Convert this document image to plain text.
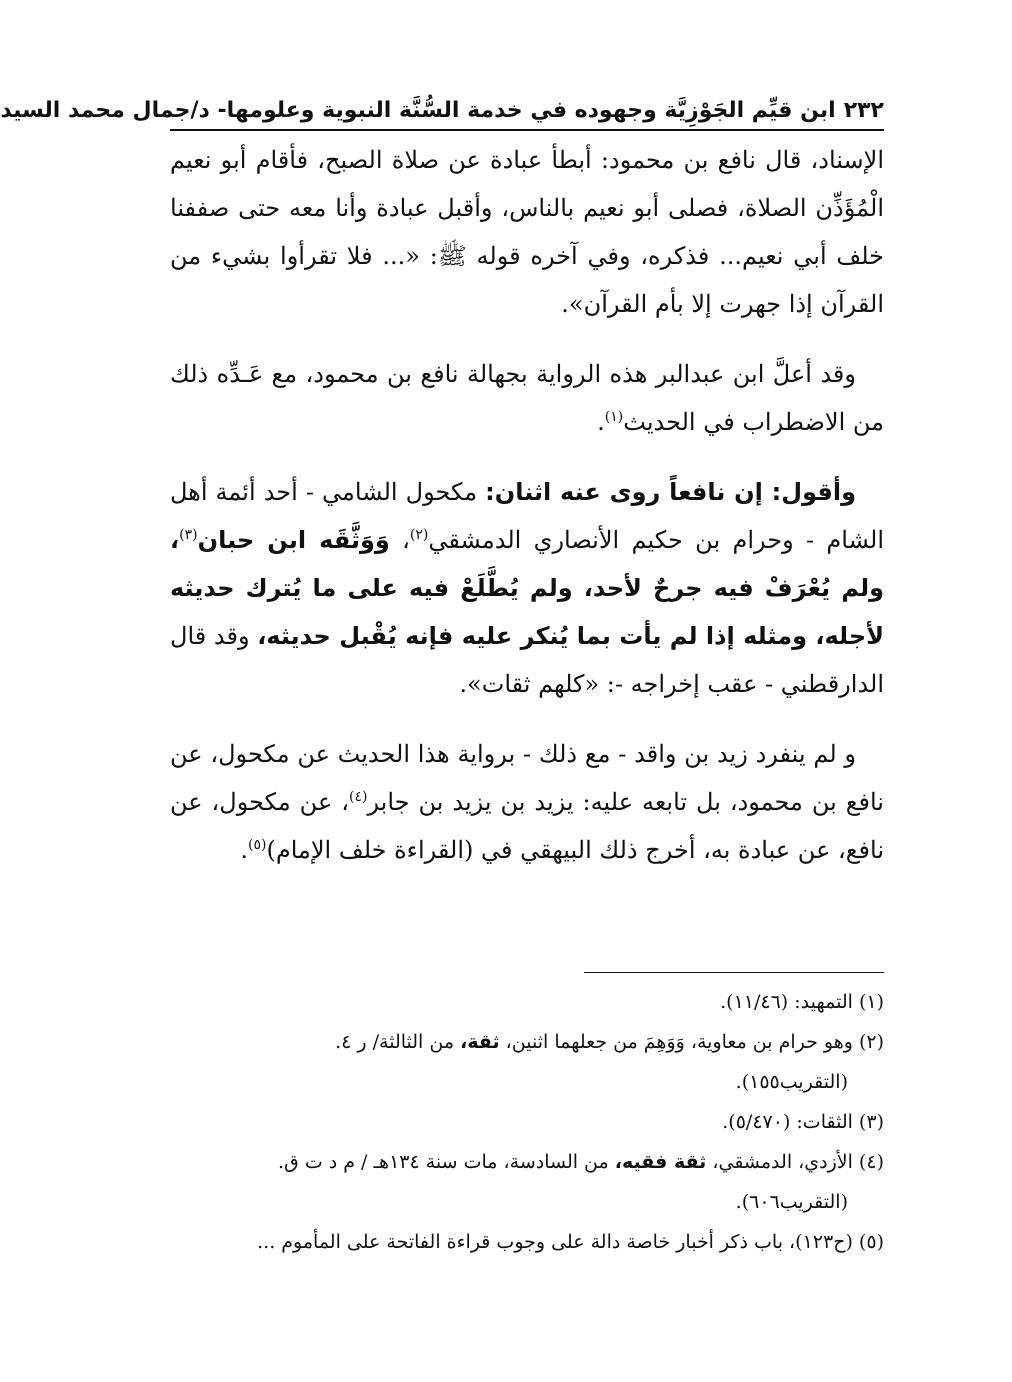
٢٣٢
ابن قيِّم الجَوْزِيَّة وجهوده في خدمة السُّنَّة النبوية وعلومها- د/جمال محمد السيد

الإسناد، قال نافع بن محمود: أبطأ عبادة عن صلاة الصبح، فأقام أبو نعيم الْمُؤَذِّن الصلاة، فصلى أبو نعيم بالناس، وأقبل عبادة وأنا معه حتى صففنا خلف أبي نعيم... فذكره، وفي آخره قوله ﷺ: «... فلا تقرأوا بشيء من القرآن إذا جهرت إلا بأم القرآن».

وقد أعلَّ ابن عبدالبر هذه الرواية بجهالة نافع بن محمود، مع عَـدِّه ذلك من الاضطراب في الحديث$^{(١)}$.

وأقول: إن نافعاً روى عنه اثنان: مكحول الشامي - أحد أئمة أهل الشام - وحرام بن حكيم الأنصاري الدمشقي$^{(٢)}$، وَوَثَّقَه ابن حبان$^{(٣)}$، ولم يُعْرَفْ فيه جرحٌ لأحد، ولم يُطَّلَعْ فيه على ما يُترك حديثه لأجله، ومثله إذا لم يأت بما يُنكر عليه فإنه يُقْبل حديثه، وقد قال الدارقطني - عقب إخراجه -: «كلهم ثقات».

و لم ينفرد زيد بن واقد - مع ذلك - برواية هذا الحديث عن مكحول، عن نافع بن محمود، بل تابعه عليه: يزيد بن يزيد بن جابر$^{(٤)}$، عن مكحول، عن نافع، عن عبادة به، أخرج ذلك البيهقي في (القراءة خلف الإمام)$^{(٥)}$.

(١) التمهيد: (١١/٤٦).
(٢) وهو حرام بن معاوية، وَوَهِمَ من جعلهما اثنين، ثقة، من الثالثة/ ر ٤.
(التقريب١٥٥).
(٣) الثقات: (٥/٤٧٠).
(٤) الأزدي، الدمشقي، ثقة فقيه، من السادسة، مات سنة ١٣٤هـ / م د ت ق.
(التقريب٦٠٦).
(٥) (ح١٢٣)، باب ذكر أخبار خاصة دالة على وجوب قراءة الفاتحة على المأموم ...
